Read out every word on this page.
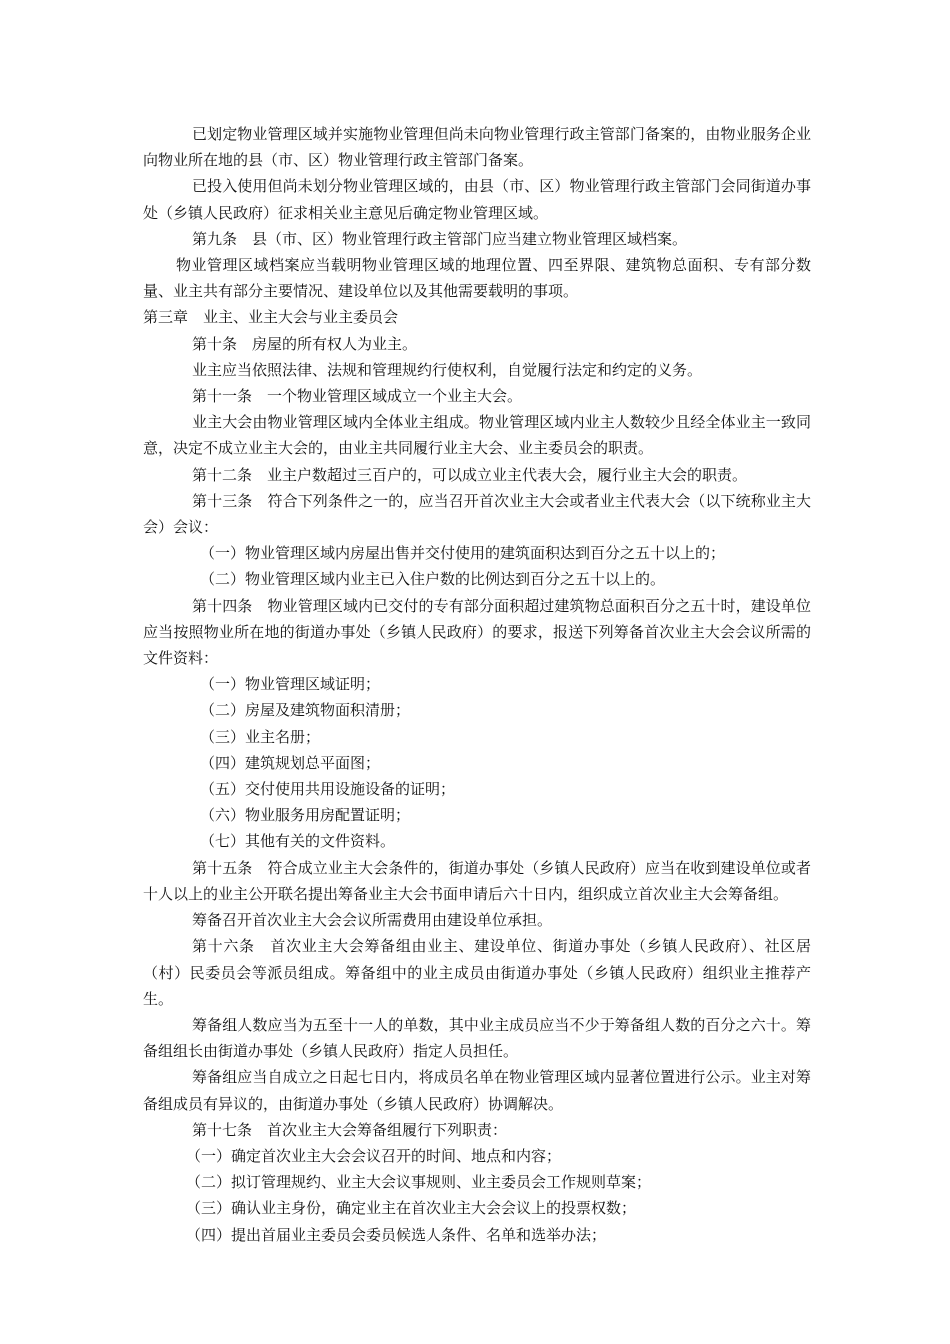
已划定物业管理区域并实施物业管理但尚未向物业管理行政主管部门备案的，由物业服务企业向物业所在地的县（市、区）物业管理行政主管部门备案。

已投入使用但尚未划分物业管理区域的，由县（市、区）物业管理行政主管部门会同街道办事处（乡镇人民政府）征求相关业主意见后确定物业管理区域。

第九条　县（市、区）物业管理行政主管部门应当建立物业管理区域档案。

物业管理区域档案应当载明物业管理区域的地理位置、四至界限、建筑物总面积、专有部分数量、业主共有部分主要情况、建设单位以及其他需要载明的事项。

第三章　业主、业主大会与业主委员会

第十条　房屋的所有权人为业主。

业主应当依照法律、法规和管理规约行使权利，自觉履行法定和约定的义务。

第十一条　一个物业管理区域成立一个业主大会。

业主大会由物业管理区域内全体业主组成。物业管理区域内业主人数较少且经全体业主一致同意，决定不成立业主大会的，由业主共同履行业主大会、业主委员会的职责。

第十二条　业主户数超过三百户的，可以成立业主代表大会，履行业主大会的职责。

第十三条　符合下列条件之一的，应当召开首次业主大会或者业主代表大会（以下统称业主大会）会议：

（一）物业管理区域内房屋出售并交付使用的建筑面积达到百分之五十以上的；

（二）物业管理区域内业主已入住户数的比例达到百分之五十以上的。

第十四条　物业管理区域内已交付的专有部分面积超过建筑物总面积百分之五十时，建设单位应当按照物业所在地的街道办事处（乡镇人民政府）的要求，报送下列筹备首次业主大会会议所需的文件资料：

（一）物业管理区域证明；

（二）房屋及建筑物面积清册；

（三）业主名册；

（四）建筑规划总平面图；

（五）交付使用共用设施设备的证明；

（六）物业服务用房配置证明；

（七）其他有关的文件资料。

第十五条　符合成立业主大会条件的，街道办事处（乡镇人民政府）应当在收到建设单位或者十人以上的业主公开联名提出筹备业主大会书面申请后六十日内，组织成立首次业主大会筹备组。

筹备召开首次业主大会会议所需费用由建设单位承担。

第十六条　首次业主大会筹备组由业主、建设单位、街道办事处（乡镇人民政府）、社区居（村）民委员会等派员组成。筹备组中的业主成员由街道办事处（乡镇人民政府）组织业主推荐产生。

筹备组人数应当为五至十一人的单数，其中业主成员应当不少于筹备组人数的百分之六十。筹备组组长由街道办事处（乡镇人民政府）指定人员担任。

筹备组应当自成立之日起七日内，将成员名单在物业管理区域内显著位置进行公示。业主对筹备组成员有异议的，由街道办事处（乡镇人民政府）协调解决。

第十七条　首次业主大会筹备组履行下列职责：

（一）确定首次业主大会会议召开的时间、地点和内容；

（二）拟订管理规约、业主大会议事规则、业主委员会工作规则草案；

（三）确认业主身份，确定业主在首次业主大会会议上的投票权数；

（四）提出首届业主委员会委员候选人条件、名单和选举办法；
